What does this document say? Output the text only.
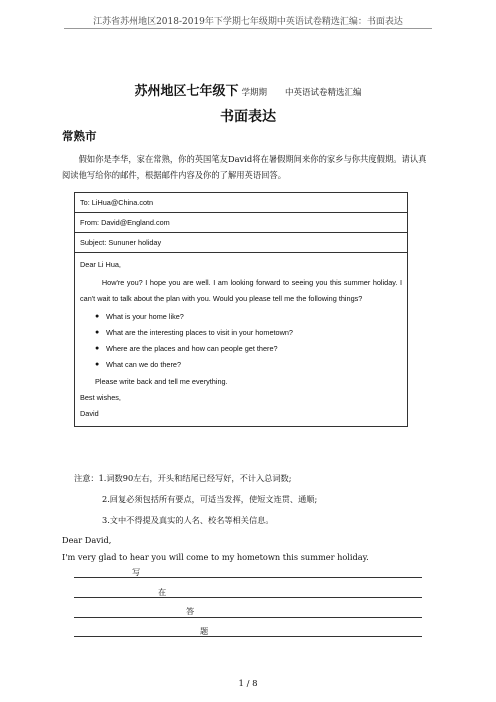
江苏省苏州地区2018-2019年下学期七年级期中英语试卷精选汇编：书面表达
苏州地区七年级下 学期期 中英语试卷精选汇编
书面表达
常熟市
假如你是李华，家在常熟，你的英国笔友David将在暑假期间来你的家乡与你共度假期。请认真阅读他写给你的邮件，根据邮件内容及你的了解用英语回答。
To: LiHua@China.cotn
From: David@England.com
Subject: Sununer holiday
Dear Li Hua,
How're you? I hope you are well. I am looking forward to seeing you this summer holiday. I can't wait to talk about the plan with you. Would you please tell me the following things?
● What is your home like?
● What are the interesting places to visit in your hometown?
● Where are the places and how can people get there?
● What can we do there?
Please write back and tell me everything.
Best wishes,
David
注意：1.词数90左右，开头和结尾已经写好，不计入总词数;
2.回复必须包括所有要点，可适当发挥，使短文连贯、通顺;
3.文中不得提及真实的人名、校名等相关信息。
Dear David,
I'm very glad to hear you will come to my hometown this summer holiday.
写
在
答
题
1 / 8
